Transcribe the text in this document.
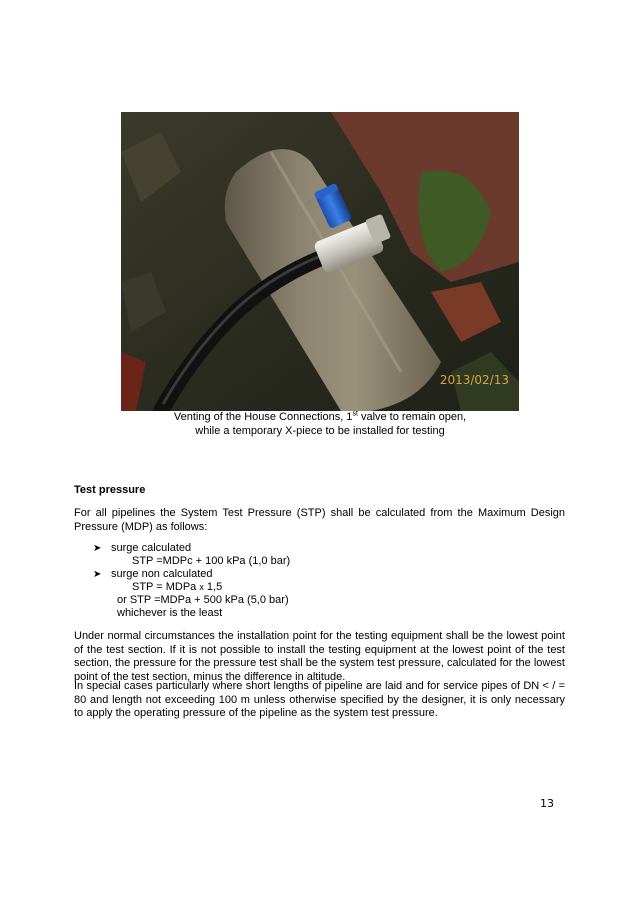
2013/02/13
Venting of the House Connections, 1st valve to remain open,
while a temporary X-piece to be installed for testing
Test pressure
For all pipelines the System Test Pressure (STP) shall be calculated from the Maximum Design Pressure (MDP) as follows:
➤ surge calculated
STP =MDPc + 100 kPa (1,0 bar)
➤ surge non calculated
STP = MDPa x 1,5
or STP =MDPa + 500 kPa (5,0 bar)
whichever is the least
Under normal circumstances the installation point for the testing equipment shall be the lowest point of the test section. If it is not possible to install the testing equipment at the lowest point of the test section, the pressure for the pressure test shall be the system test pressure, calculated for the lowest point of the test section, minus the difference in altitude.
In special cases particularly where short lengths of pipeline are laid and for service pipes of DN < / = 80 and length not exceeding 100 m unless otherwise specified by the designer, it is only necessary to apply the operating pressure of the pipeline as the system test pressure.
13
